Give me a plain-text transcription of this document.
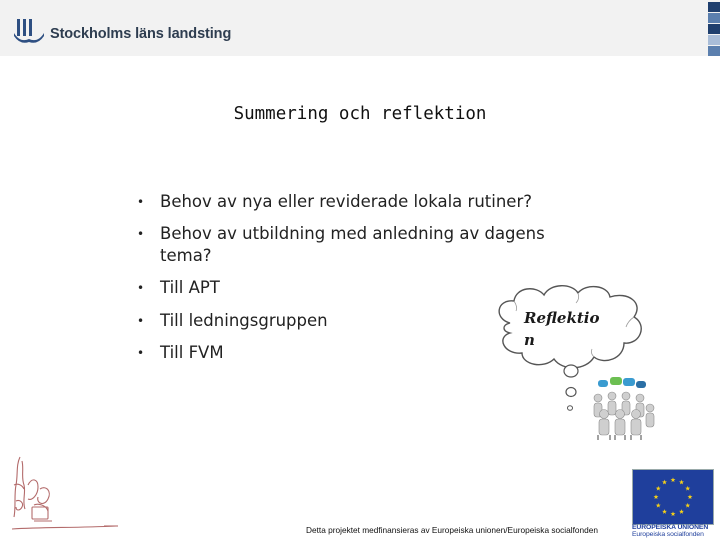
Stockholms läns landsting
Summering och reflektion
• Behov av nya eller reviderade lokala rutiner?
• Behov av utbildning med anledning av dagens
tema?
• Till APT
• Till ledningsgruppen
• Till FVM
Reflektion
Detta projektet medfinansieras av Europeiska unionen/Europeiska socialfonden	EUROPEISKA UNIONEN
Europeiska socialfonden
